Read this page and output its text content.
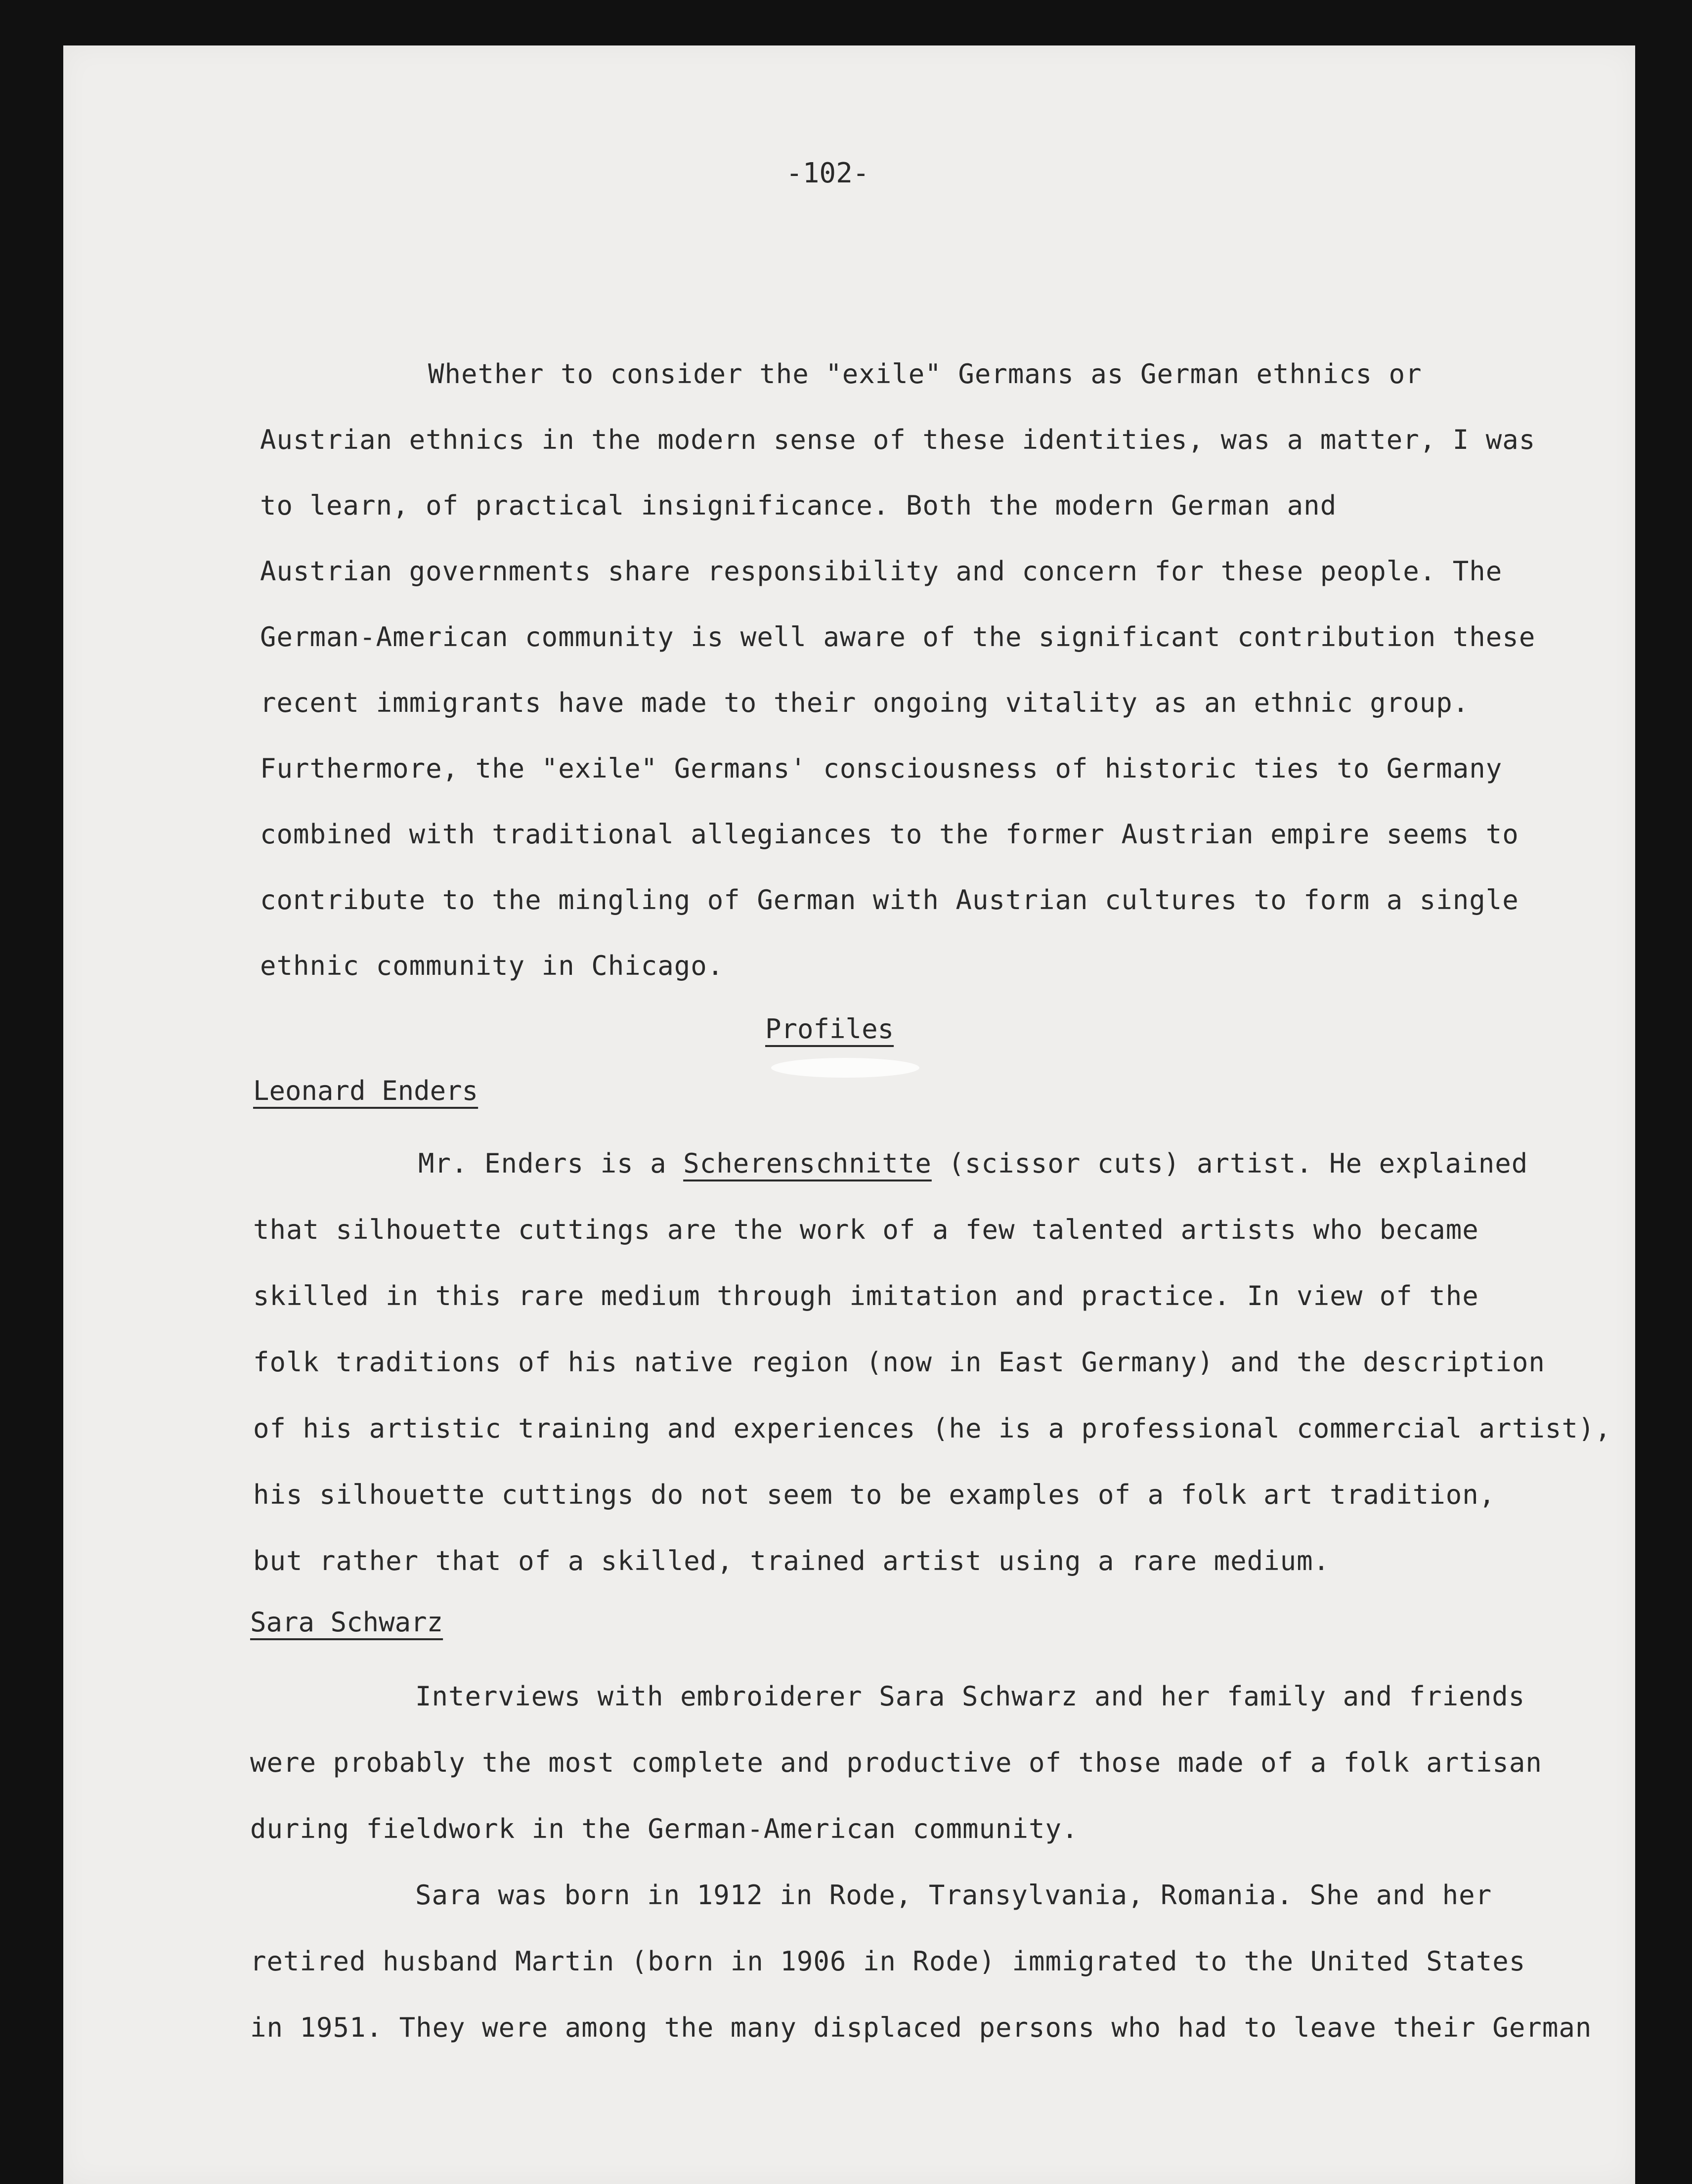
-102-
Whether to consider the "exile" Germans as German ethnics or
Austrian ethnics in the modern sense of these identities, was a matter, I was
to learn, of practical insignificance. Both the modern German and
Austrian governments share responsibility and concern for these people. The
German-American community is well aware of the significant contribution these
recent immigrants have made to their ongoing vitality as an ethnic group.
Furthermore, the "exile" Germans' consciousness of historic ties to Germany
combined with traditional allegiances to the former Austrian empire seems to
contribute to the mingling of German with Austrian cultures to form a single
ethnic community in Chicago.
Profiles
Leonard Enders
Mr. Enders is a Scherenschnitte (scissor cuts) artist. He explained
that silhouette cuttings are the work of a few talented artists who became
skilled in this rare medium through imitation and practice. In view of the
folk traditions of his native region (now in East Germany) and the description
of his artistic training and experiences (he is a professional commercial artist),
his silhouette cuttings do not seem to be examples of a folk art tradition,
but rather that of a skilled, trained artist using a rare medium.
Sara Schwarz
Interviews with embroiderer Sara Schwarz and her family and friends
were probably the most complete and productive of those made of a folk artisan
during fieldwork in the German-American community.
Sara was born in 1912 in Rode, Transylvania, Romania. She and her
retired husband Martin (born in 1906 in Rode) immigrated to the United States
in 1951. They were among the many displaced persons who had to leave their German
